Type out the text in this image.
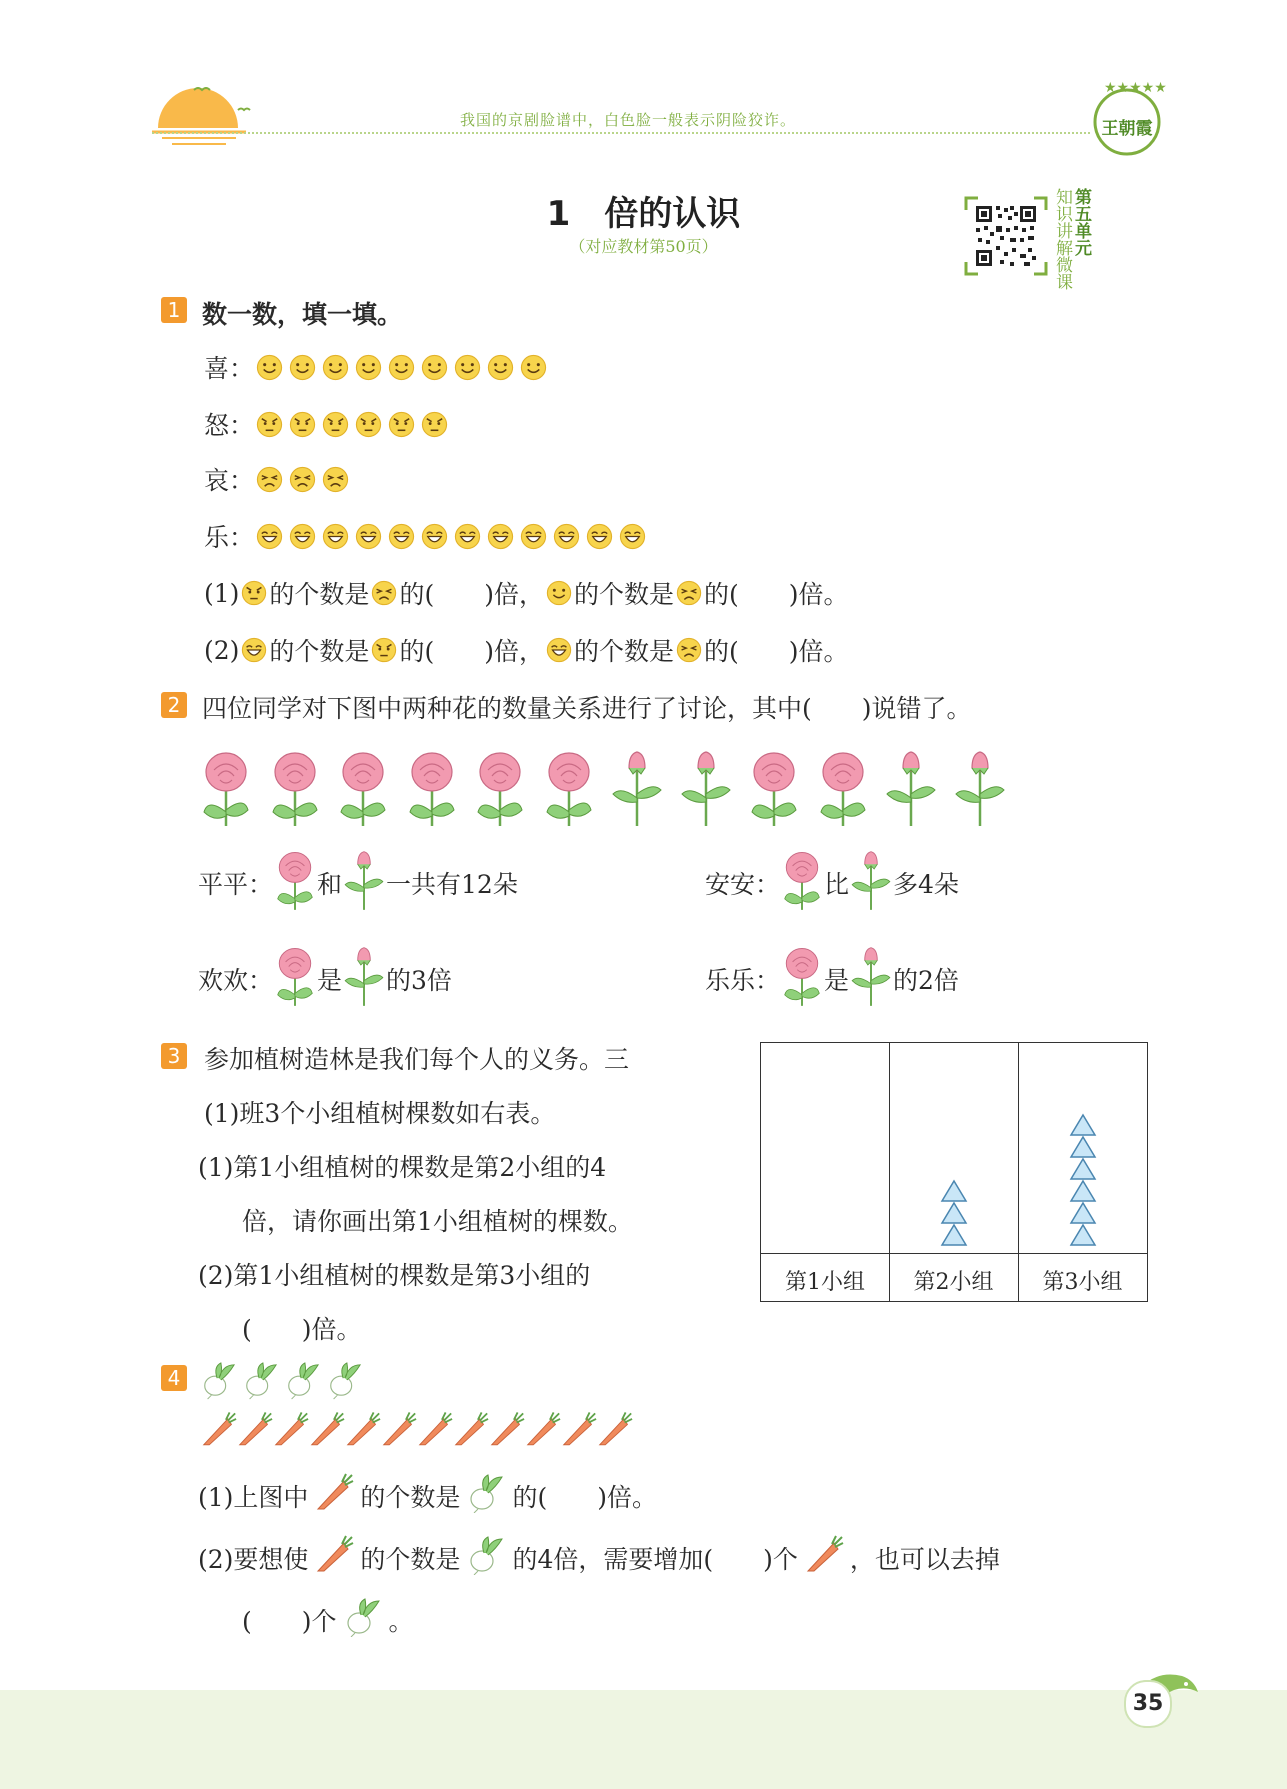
我国的京剧脸谱中，白色脸一般表示阴险狡诈。
★★★★★
王朝霞
1　倍的认识
（对应教材第50页）	知识讲解微课 第五单元
1 数一数，填一填。
喜：
怒：
哀：
乐：
(1) 的个数是 的(　　)倍， 的个数是 的(　　)倍。
(2) 的个数是 的(　　)倍， 的个数是 的(　　)倍。
2 四位同学对下图中两种花的数量关系进行了讨论，其中(　　)说错了。
平平： 和 一共有12朵	安安： 比 多4朵
欢欢： 是 的3倍	乐乐： 是 的2倍
3 参加植树造林是我们每个人的义务。三
(1)班3个小组植树棵数如右表。
(1)第1小组植树的棵数是第2小组的4
倍，请你画出第1小组植树的棵数。
(2)第1小组植树的棵数是第3小组的
(　　)倍。
第1小组	第2小组	第3小组
4
(1)上图中 的个数是 的(　　)倍。
(2)要想使 的个数是 的4倍，需要增加(　　)个 ，也可以去掉
(　　)个 。
35
